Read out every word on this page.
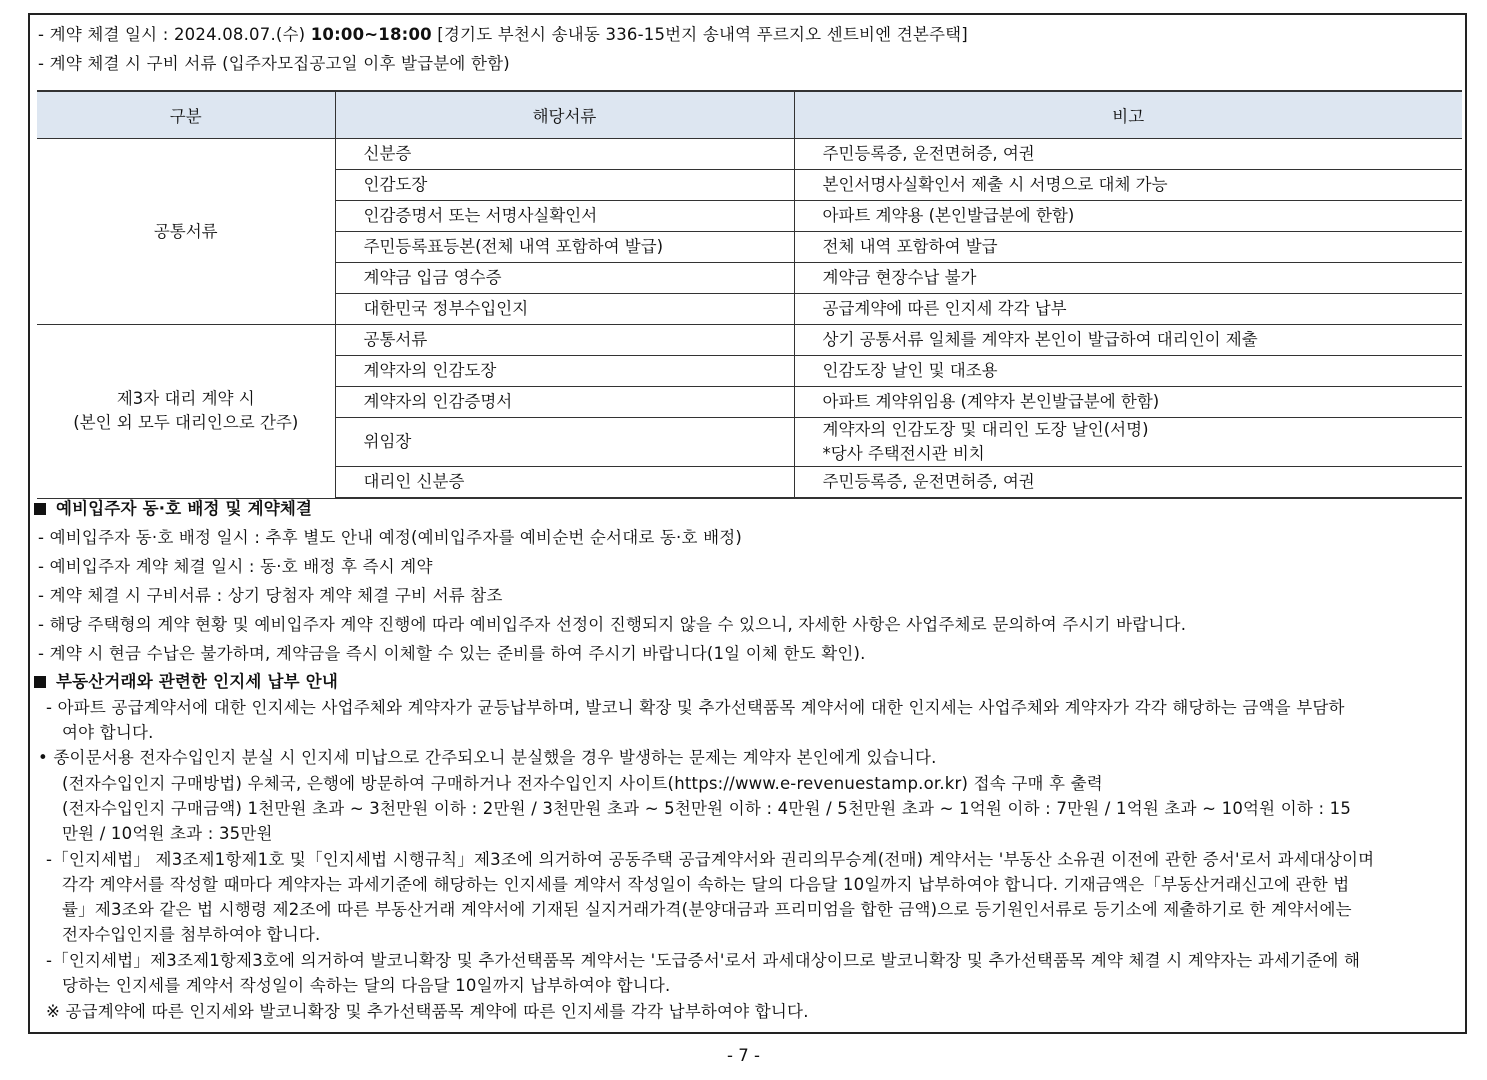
- 계약 체결 일시 : 2024.08.07.(수) 10:00~18:00 [경기도 부천시 송내동 336-15번지 송내역 푸르지오 센트비엔 견본주택]
- 계약 체결 시 구비 서류 (입주자모집공고일 이후 발급분에 한함)
구분	해당서류	비고
공통서류	신분증	주민등록증, 운전면허증, 여권
	인감도장	본인서명사실확인서 제출 시 서명으로 대체 가능
	인감증명서 또는 서명사실확인서	아파트 계약용 (본인발급분에 한함)
	주민등록표등본(전체 내역 포함하여 발급)	전체 내역 포함하여 발급
	계약금 입금 영수증	계약금 현장수납 불가
	대한민국 정부수입인지	공급계약에 따른 인지세 각각 납부

제3자 대리 계약 시
(본인 외 모두 대리인으로 간주)	공통서류	상기 공통서류 일체를 계약자 본인이 발급하여 대리인이 제출
	계약자의 인감도장	인감도장 날인 및 대조용
	계약자의 인감증명서	아파트 계약위임용 (계약자 본인발급분에 한함)
	위임장	계약자의 인감도장 및 대리인 도장 날인(서명)
*당사 주택전시관 비치

	대리인 신분증	주민등록증, 운전면허증, 여권
예비입주자 동·호 배정 및 계약체결
- 예비입주자 동·호 배정 일시 : 추후 별도 안내 예정(예비입주자를 예비순번 순서대로 동·호 배정)
- 예비입주자 계약 체결 일시 : 동·호 배정 후 즉시 계약
- 계약 체결 시 구비서류 : 상기 당첨자 계약 체결 구비 서류 참조
- 해당 주택형의 계약 현황 및 예비입주자 계약 진행에 따라 예비입주자 선정이 진행되지 않을 수 있으니, 자세한 사항은 사업주체로 문의하여 주시기 바랍니다.
- 계약 시 현금 수납은 불가하며, 계약금을 즉시 이체할 수 있는 준비를 하여 주시기 바랍니다(1일 이체 한도 확인).
부동산거래와 관련한 인지세 납부 안내
- 아파트 공급계약서에 대한 인지세는 사업주체와 계약자가 균등납부하며, 발코니 확장 및 추가선택품목 계약서에 대한 인지세는 사업주체와 계약자가 각각 해당하는 금액을 부담하
여야 합니다.
• 종이문서용 전자수입인지 분실 시 인지세 미납으로 간주되오니 분실했을 경우 발생하는 문제는 계약자 본인에게 있습니다.
(전자수입인지 구매방법) 우체국, 은행에 방문하여 구매하거나 전자수입인지 사이트(https://www.e-revenuestamp.or.kr) 접속 구매 후 출력
(전자수입인지 구매금액) 1천만원 초과 ~ 3천만원 이하 : 2만원 / 3천만원 초과 ~ 5천만원 이하 : 4만원 / 5천만원 초과 ~ 1억원 이하 : 7만원 / 1억원 초과 ~ 10억원 이하 : 15
만원 / 10억원 초과 : 35만원
-「인지세법」 제3조제1항제1호 및「인지세법 시행규칙」제3조에 의거하여 공동주택 공급계약서와 권리의무승계(전매) 계약서는 '부동산 소유권 이전에 관한 증서'로서 과세대상이며
각각 계약서를 작성할 때마다 계약자는 과세기준에 해당하는 인지세를 계약서 작성일이 속하는 달의 다음달 10일까지 납부하여야 합니다. 기재금액은「부동산거래신고에 관한 법
률」제3조와 같은 법 시행령 제2조에 따른 부동산거래 계약서에 기재된 실지거래가격(분양대금과 프리미엄을 합한 금액)으로 등기원인서류로 등기소에 제출하기로 한 계약서에는
전자수입인지를 첨부하여야 합니다.
-「인지세법」제3조제1항제3호에 의거하여 발코니확장 및 추가선택품목 계약서는 '도급증서'로서 과세대상이므로 발코니확장 및 추가선택품목 계약 체결 시 계약자는 과세기준에 해
당하는 인지세를 계약서 작성일이 속하는 달의 다음달 10일까지 납부하여야 합니다.
※ 공급계약에 따른 인지세와 발코니확장 및 추가선택품목 계약에 따른 인지세를 각각 납부하여야 합니다.
- 7 -
